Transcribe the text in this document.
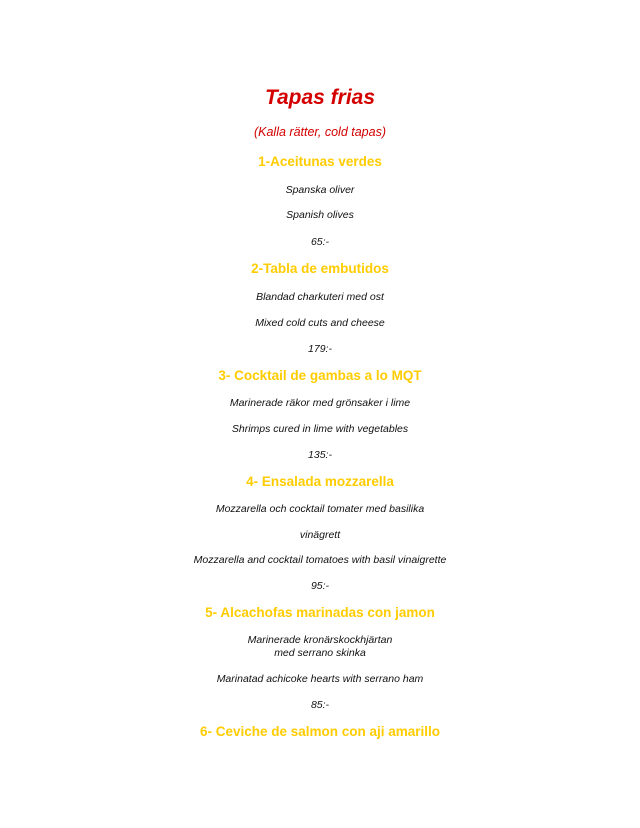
Tapas frias
(Kalla rätter, cold tapas)
1-Aceitunas verdes
Spanska oliver
Spanish olives
65:-
2-Tabla de embutidos
Blandad charkuteri med ost
Mixed cold cuts and cheese
179:-
3- Cocktail de gambas a lo MQT
Marinerade räkor med grönsaker i lime
Shrimps cured in lime with vegetables
135:-
4- Ensalada mozzarella
Mozzarella och cocktail tomater med basilika
vinägrett
Mozzarella and cocktail tomatoes with basil vinaigrette
95:-
5- Alcachofas marinadas con jamon
Marinerade kronärskockhjärtan
med serrano skinka
Marinatad achicoke hearts with serrano ham
85:-
6- Ceviche de salmon con aji amarillo
